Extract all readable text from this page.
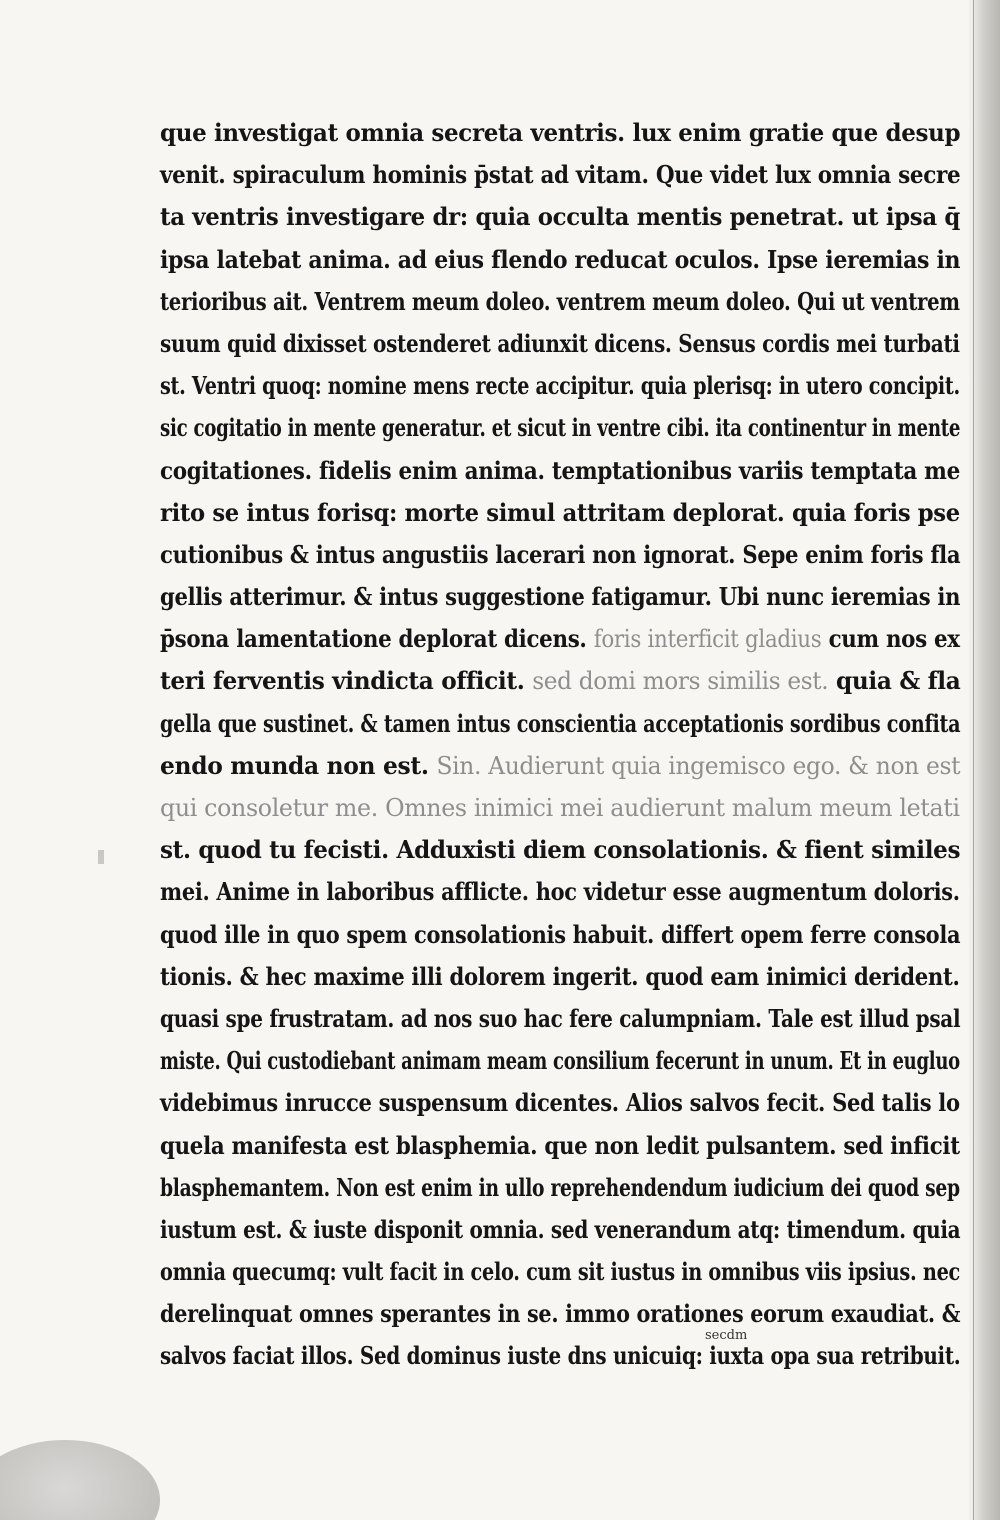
que investigat omnia secreta ventris. lux enim gratie que desup
venit. spiraculum hominis p̄stat ad vitam. Que videt lux omnia secre
ta ventris investigare dr: quia occulta mentis penetrat. ut ipsa q̄
ipsa latebat anima. ad eius flendo reducat oculos. Ipse ieremias in
terioribus ait. Ventrem meum doleo. ventrem meum doleo. Qui ut ventrem
suum quid dixisset ostenderet adiunxit dicens. Sensus cordis mei turbati
st. Ventri quoq: nomine mens recte accipitur. quia plerisq: in utero concipit.
sic cogitatio in mente generatur. et sicut in ventre cibi. ita continentur in mente
cogitationes. fidelis enim anima. temptationibus variis temptata me
rito se intus forisq: morte simul attritam deplorat. quia foris pse
cutionibus & intus angustiis lacerari non ignorat. Sepe enim foris fla
gellis atterimur. & intus suggestione fatigamur. Ubi nunc ieremias in
p̄sona lamentatione deplorat dicens. foris interficit gladius cum nos ex
teri ferventis vindicta officit. sed domi mors similis est. quia & fla
gella que sustinet. & tamen intus conscientia acceptationis sordibus confita
endo munda non est. Sin. Audierunt quia ingemisco ego. & non est
qui consoletur me. Omnes inimici mei audierunt malum meum letati
st. quod tu fecisti. Adduxisti diem consolationis. & fient similes
mei. Anime in laboribus afflicte. hoc videtur esse augmentum doloris.
quod ille in quo spem consolationis habuit. differt opem ferre consola
tionis. & hec maxime illi dolorem ingerit. quod eam inimici derident.
quasi spe frustratam. ad nos suo hac fere calumpniam. Tale est illud psal
miste. Qui custodiebant animam meam consilium fecerunt in unum. Et in eugluo
videbimus inrucce suspensum dicentes. Alios salvos fecit. Sed talis lo
quela manifesta est blasphemia. que non ledit pulsantem. sed inficit
blasphemantem. Non est enim in ullo reprehendendum iudicium dei quod sep
iustum est. & iuste disponit omnia. sed venerandum atq: timendum. quia
omnia quecumq: vult facit in celo. cum sit iustus in omnibus viis ipsius. nec
derelinquat omnes sperantes in se. immo orationes eorum exaudiat. &
salvos faciat illos. Sed dominus iuste dns unicuiq: iuxta opa sua retribuit.
secdm
